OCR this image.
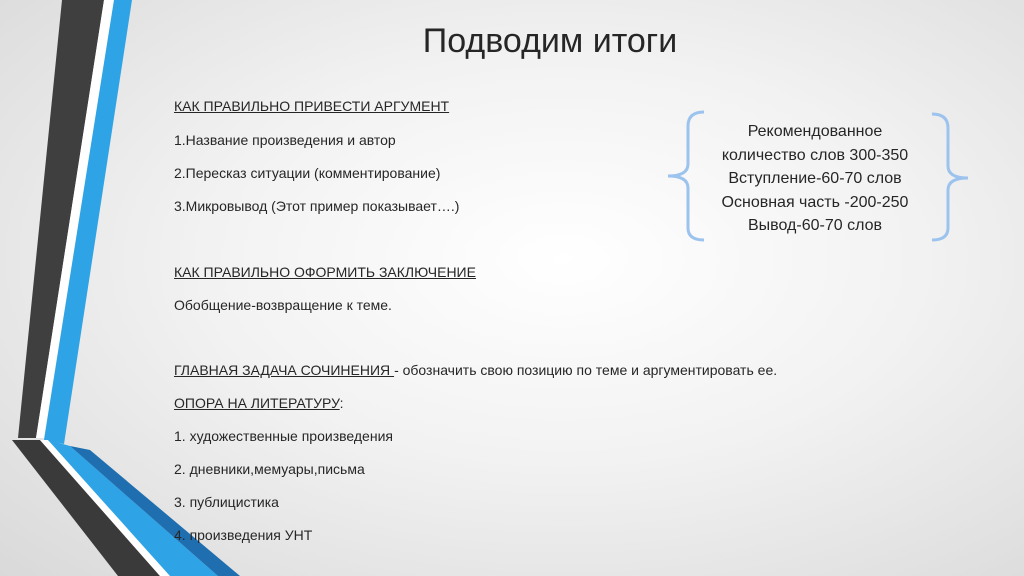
Подводим итоги
КАК ПРАВИЛЬНО ПРИВЕСТИ АРГУМЕНТ
1.Название произведения и автор
2.Пересказ ситуации (комментирование)
3.Микровывод (Этот пример показывает….)
КАК ПРАВИЛЬНО ОФОРМИТЬ ЗАКЛЮЧЕНИЕ
Обобщение-возвращение к теме.
ГЛАВНАЯ ЗАДАЧА СОЧИНЕНИЯ - обозначить свою позицию по теме и аргументировать ее.
ОПОРА НА ЛИТЕРАТУРУ:
1. художественные произведения
2. дневники,мемуары,письма
3. публицистика
4. произведения УНТ
Рекомендованное
количество слов 300-350
Вступление-60-70 слов
Основная часть -200-250
Вывод-60-70 слов
